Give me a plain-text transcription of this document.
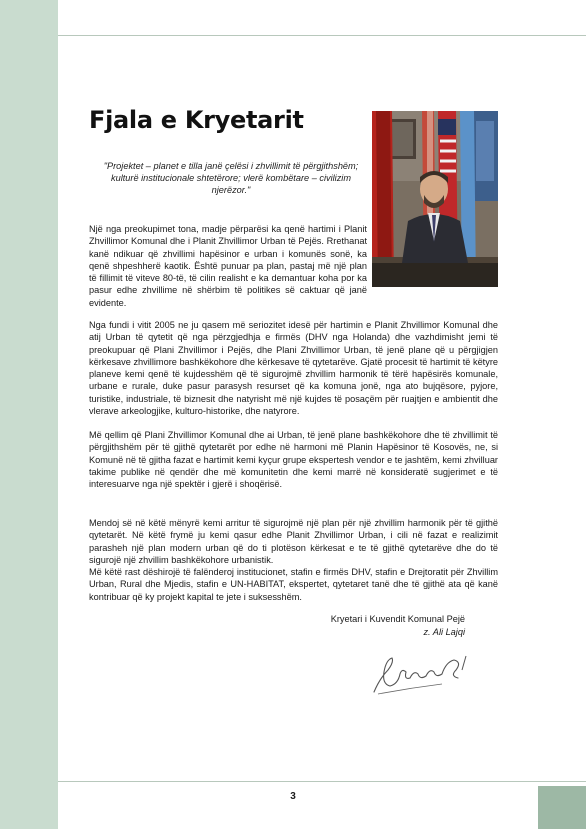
Fjala e Kryetarit
"Projektet – planet e tilla janë çelësi i zhvillimit të përgjithshëm; kulturë institucionale shtetërore; vlerë kombëtare – civilizim njerëzor."

Një nga preokupimet tona, madje përparësi ka qenë hartimi i Planit Zhvillimor Komunal dhe i Planit Zhvillimor Urban të Pejës. Rrethanat kanë ndikuar që zhvillimi hapësinor e urban i komunës sonë, ka qenë shpeshherë kaotik. Është punuar pa plan, pastaj më një plan të fillimit të viteve 80-të, të cilin realisht e ka demantuar koha por ka pasur edhe zhvillime në shërbim të politikes së caktuar që janë evidente.

Nga fundi i vitit 2005 ne ju qasem më seriozitet idesë për hartimin e Planit Zhvillimor Komunal dhe atij Urban të qytetit që nga përzgjedhja e firmës (DHV nga Holanda) dhe vazhdimisht jemi të preokupuar që Plani Zhvillimor i Pejës, dhe Plani Zhvillimor Urban, të jenë plane që u përgjigjen kërkesave zhvillimore bashkëkohore dhe kërkesave të qytetarëve. Gjatë procesit të hartimit të këtyre planeve kemi qenë të kujdesshëm që të sigurojmë zhvillim harmonik të tërë hapësirës komunale, urbane e rurale, duke pasur parasysh resurset që ka komuna jonë, nga ato bujqësore, pyjore, turistike, industriale, të biznesit dhe natyrisht më një kujdes të posaçëm për ruajtjen e ambientit dhe vlerave arkeologjike, kulturo-historike, dhe natyrore.

Më qellim që Plani Zhvillimor Komunal dhe ai Urban, të jenë plane bashkëkohore dhe të zhvillimit të përgjithshëm për të gjithë qytetarët por edhe në harmoni më Planin Hapësinor të Kosovës, ne, si Komunë në të gjitha fazat e hartimit kemi kyçur grupe ekspertesh vendor e te jashtëm, kemi zhvilluar takime publike në qendër dhe më komunitetin dhe kemi marrë në konsideratë sugjerimet e të interesuarve nga një spektër i gjerë i shoqërisë.

Mendoj së në këtë mënyrë kemi arritur të sigurojmë një plan për një zhvillim harmonik për të gjithë qytetarët. Në këtë frymë ju kemi qasur edhe Planit Zhvillimor Urban, i cili në fazat e realizimit parasheh një plan modern urban që do ti plotëson kërkesat e te të gjithë qytetarëve dhe do të sigurojë një zhvillim bashkëkohore urbanistik.

Më këtë rast dëshirojë të falënderoj institucionet, stafin e firmës DHV, stafin e Drejtoratit për Zhvillim Urban, Rural dhe Mjedis, stafin e UN-HABITAT, ekspertet, qytetaret tanë dhe të gjithë ata që kanë kontribuar që ky projekt kapital te jete i suksesshëm.

Kryetari i Kuvendit Komunal Pejë

z. Ali Lajqi

3
